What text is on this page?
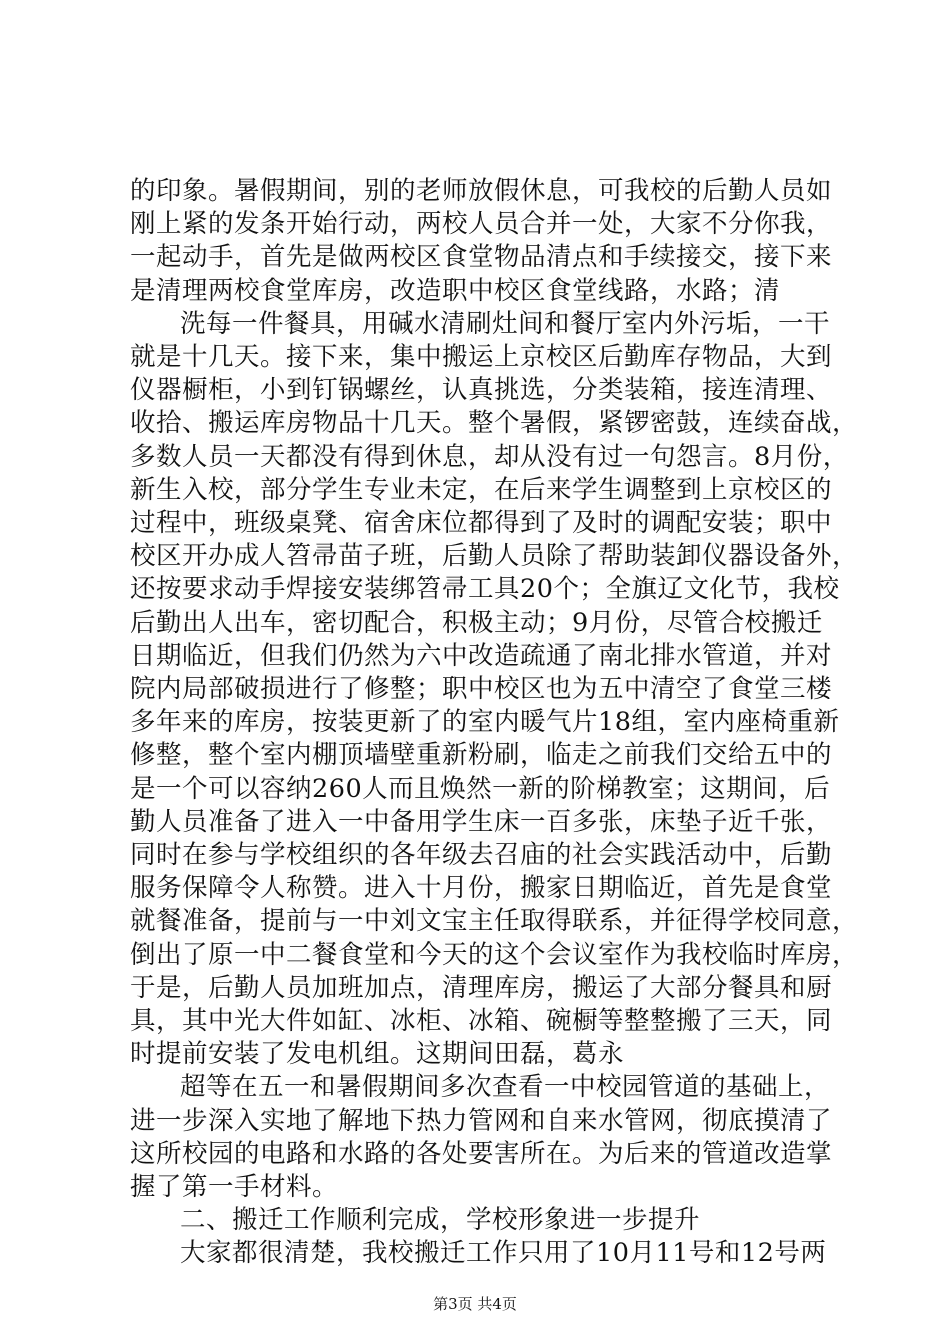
的印象。暑假期间，别的老师放假休息，可我校的后勤人员如
刚上紧的发条开始行动，两校人员合并一处，大家不分你我，
一起动手，首先是做两校区食堂物品清点和手续接交，接下来
是清理两校食堂库房，改造职中校区食堂线路，水路；清
洗每一件餐具，用碱水清刷灶间和餐厅室内外污垢，一干
就是十几天。接下来，集中搬运上京校区后勤库存物品，大到
仪器橱柜，小到钉锅螺丝，认真挑选，分类装箱，接连清理、
收拾、搬运库房物品十几天。整个暑假，紧锣密鼓，连续奋战，
多数人员一天都没有得到休息，却从没有过一句怨言。8月份，
新生入校，部分学生专业未定，在后来学生调整到上京校区的
过程中，班级桌凳、宿舍床位都得到了及时的调配安装；职中
校区开办成人笤帚苗子班，后勤人员除了帮助装卸仪器设备外，
还按要求动手焊接安装绑笤帚工具20个；全旗辽文化节，我校
后勤出人出车，密切配合，积极主动；9月份，尽管合校搬迁
日期临近，但我们仍然为六中改造疏通了南北排水管道，并对
院内局部破损进行了修整；职中校区也为五中清空了食堂三楼
多年来的库房，按装更新了的室内暖气片18组，室内座椅重新
修整，整个室内棚顶墙壁重新粉刷，临走之前我们交给五中的
是一个可以容纳260人而且焕然一新的阶梯教室；这期间，后
勤人员准备了进入一中备用学生床一百多张，床垫子近千张，
同时在参与学校组织的各年级去召庙的社会实践活动中，后勤
服务保障令人称赞。进入十月份，搬家日期临近，首先是食堂
就餐准备，提前与一中刘文宝主任取得联系，并征得学校同意，
倒出了原一中二餐食堂和今天的这个会议室作为我校临时库房，
于是，后勤人员加班加点，清理库房，搬运了大部分餐具和厨
具，其中光大件如缸、冰柜、冰箱、碗橱等整整搬了三天，同
时提前安装了发电机组。这期间田磊，葛永
超等在五一和暑假期间多次查看一中校园管道的基础上，
进一步深入实地了解地下热力管网和自来水管网，彻底摸清了
这所校园的电路和水路的各处要害所在。为后来的管道改造掌
握了第一手材料。
二、搬迁工作顺利完成，学校形象进一步提升
大家都很清楚，我校搬迁工作只用了10月11号和12号两
第3页 共4页
